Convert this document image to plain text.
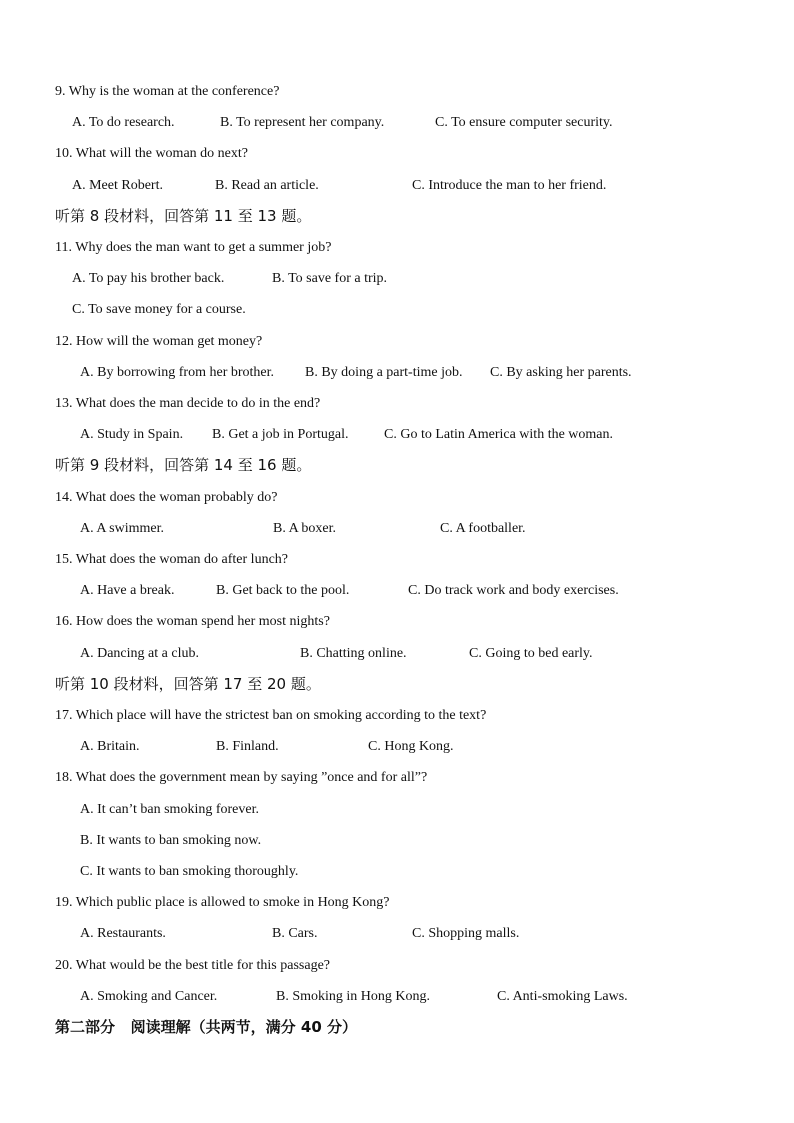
9. Why is the woman at the conference?
A. To do research.	B. To represent her company.	C. To ensure computer security.
10. What will the woman do next?
A. Meet Robert.	B. Read an article.	C. Introduce the man to her friend.
听第 8 段材料，回答第 11 至 13 题。
11. Why does the man want to get a summer job?
A. To pay his brother back.	B. To save for a trip.
C. To save money for a course.
12. How will the woman get money?
A. By borrowing from her brother. B. By doing a part-time job. C. By asking her parents.
13. What does the man decide to do in the end?
A. Study in Spain. B. Get a job in Portugal.	C. Go to Latin America with the woman.
听第 9 段材料，回答第 14 至 16 题。
14. What does the woman probably do?
A. A swimmer.	B. A boxer.	C. A footballer.
15. What does the woman do after lunch?
A. Have a break.	B. Get back to the pool.	C. Do track work and body exercises.
16. How does the woman spend her most nights?
A. Dancing at a club.	B. Chatting online.	C. Going to bed early.
听第 10 段材料，回答第 17 至 20 题。
17. Which place will have the strictest ban on smoking according to the text?
A. Britain.	B. Finland.	C. Hong Kong.
18. What does the government mean by saying ”once and for all”?
A. It can’t ban smoking forever.
B. It wants to ban smoking now.
C. It wants to ban smoking thoroughly.
19. Which public place is allowed to smoke in Hong Kong?
A. Restaurants.	B. Cars.	C. Shopping malls.
20. What would be the best title for this passage?
A. Smoking and Cancer.	B. Smoking in Hong Kong.	C. Anti-smoking Laws.
第二部分   阅读理解（共两节，满分 40 分）
